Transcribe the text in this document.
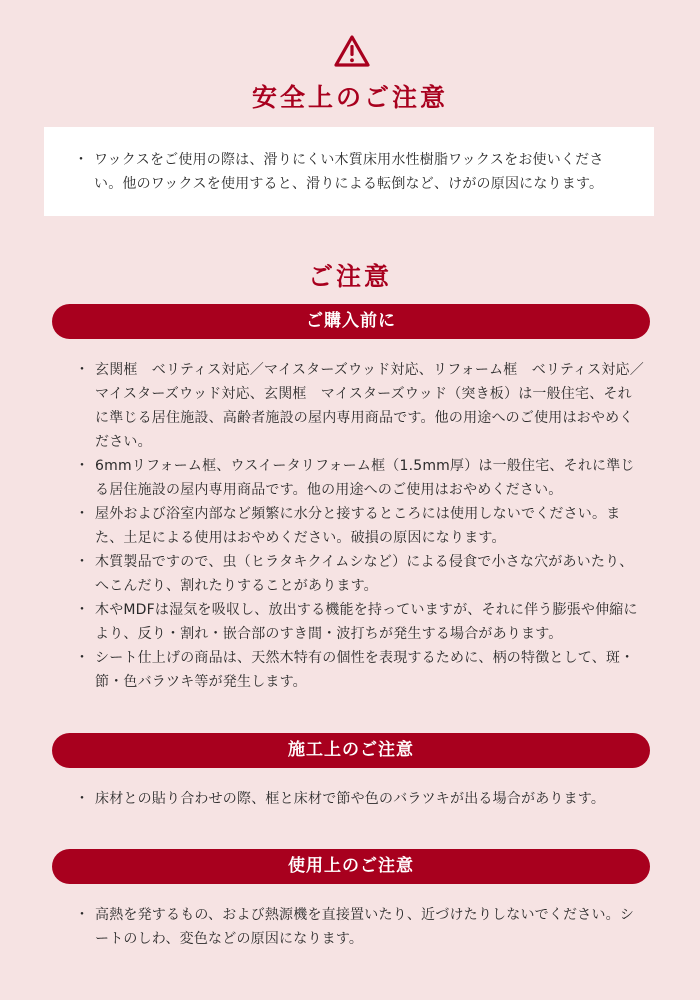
安全上のご注意
・ ワックスをご使用の際は、滑りにくい木質床用水性樹脂ワックスをお使いください。他のワックスを使用すると、滑りによる転倒など、けがの原因になります。
ご注意
ご購入前に
・ 玄関框　ベリティス対応／マイスターズウッド対応、リフォーム框　ベリティス対応／マイスターズウッド対応、玄関框　マイスターズウッド（突き板）は一般住宅、それに準じる居住施設、高齢者施設の屋内専用商品です。他の用途へのご使用はおやめください。
・ 6mmリフォーム框、ウスイータリフォーム框（1.5mm厚）は一般住宅、それに準じる居住施設の屋内専用商品です。他の用途へのご使用はおやめください。
・ 屋外および浴室内部など頻繁に水分と接するところには使用しないでください。また、土足による使用はおやめください。破損の原因になります。
・ 木質製品ですので、虫（ヒラタキクイムシなど）による侵食で小さな穴があいたり、へこんだり、割れたりすることがあります。
・ 木やMDFは湿気を吸収し、放出する機能を持っていますが、それに伴う膨張や伸縮により、反り・割れ・嵌合部のすき間・波打ちが発生する場合があります。
・ シート仕上げの商品は、天然木特有の個性を表現するために、柄の特徴として、斑・節・色バラツキ等が発生します。
施工上のご注意
・ 床材との貼り合わせの際、框と床材で節や色のバラツキが出る場合があります。
使用上のご注意
・ 高熱を発するもの、および熱源機を直接置いたり、近づけたりしないでください。シートのしわ、変色などの原因になります。
